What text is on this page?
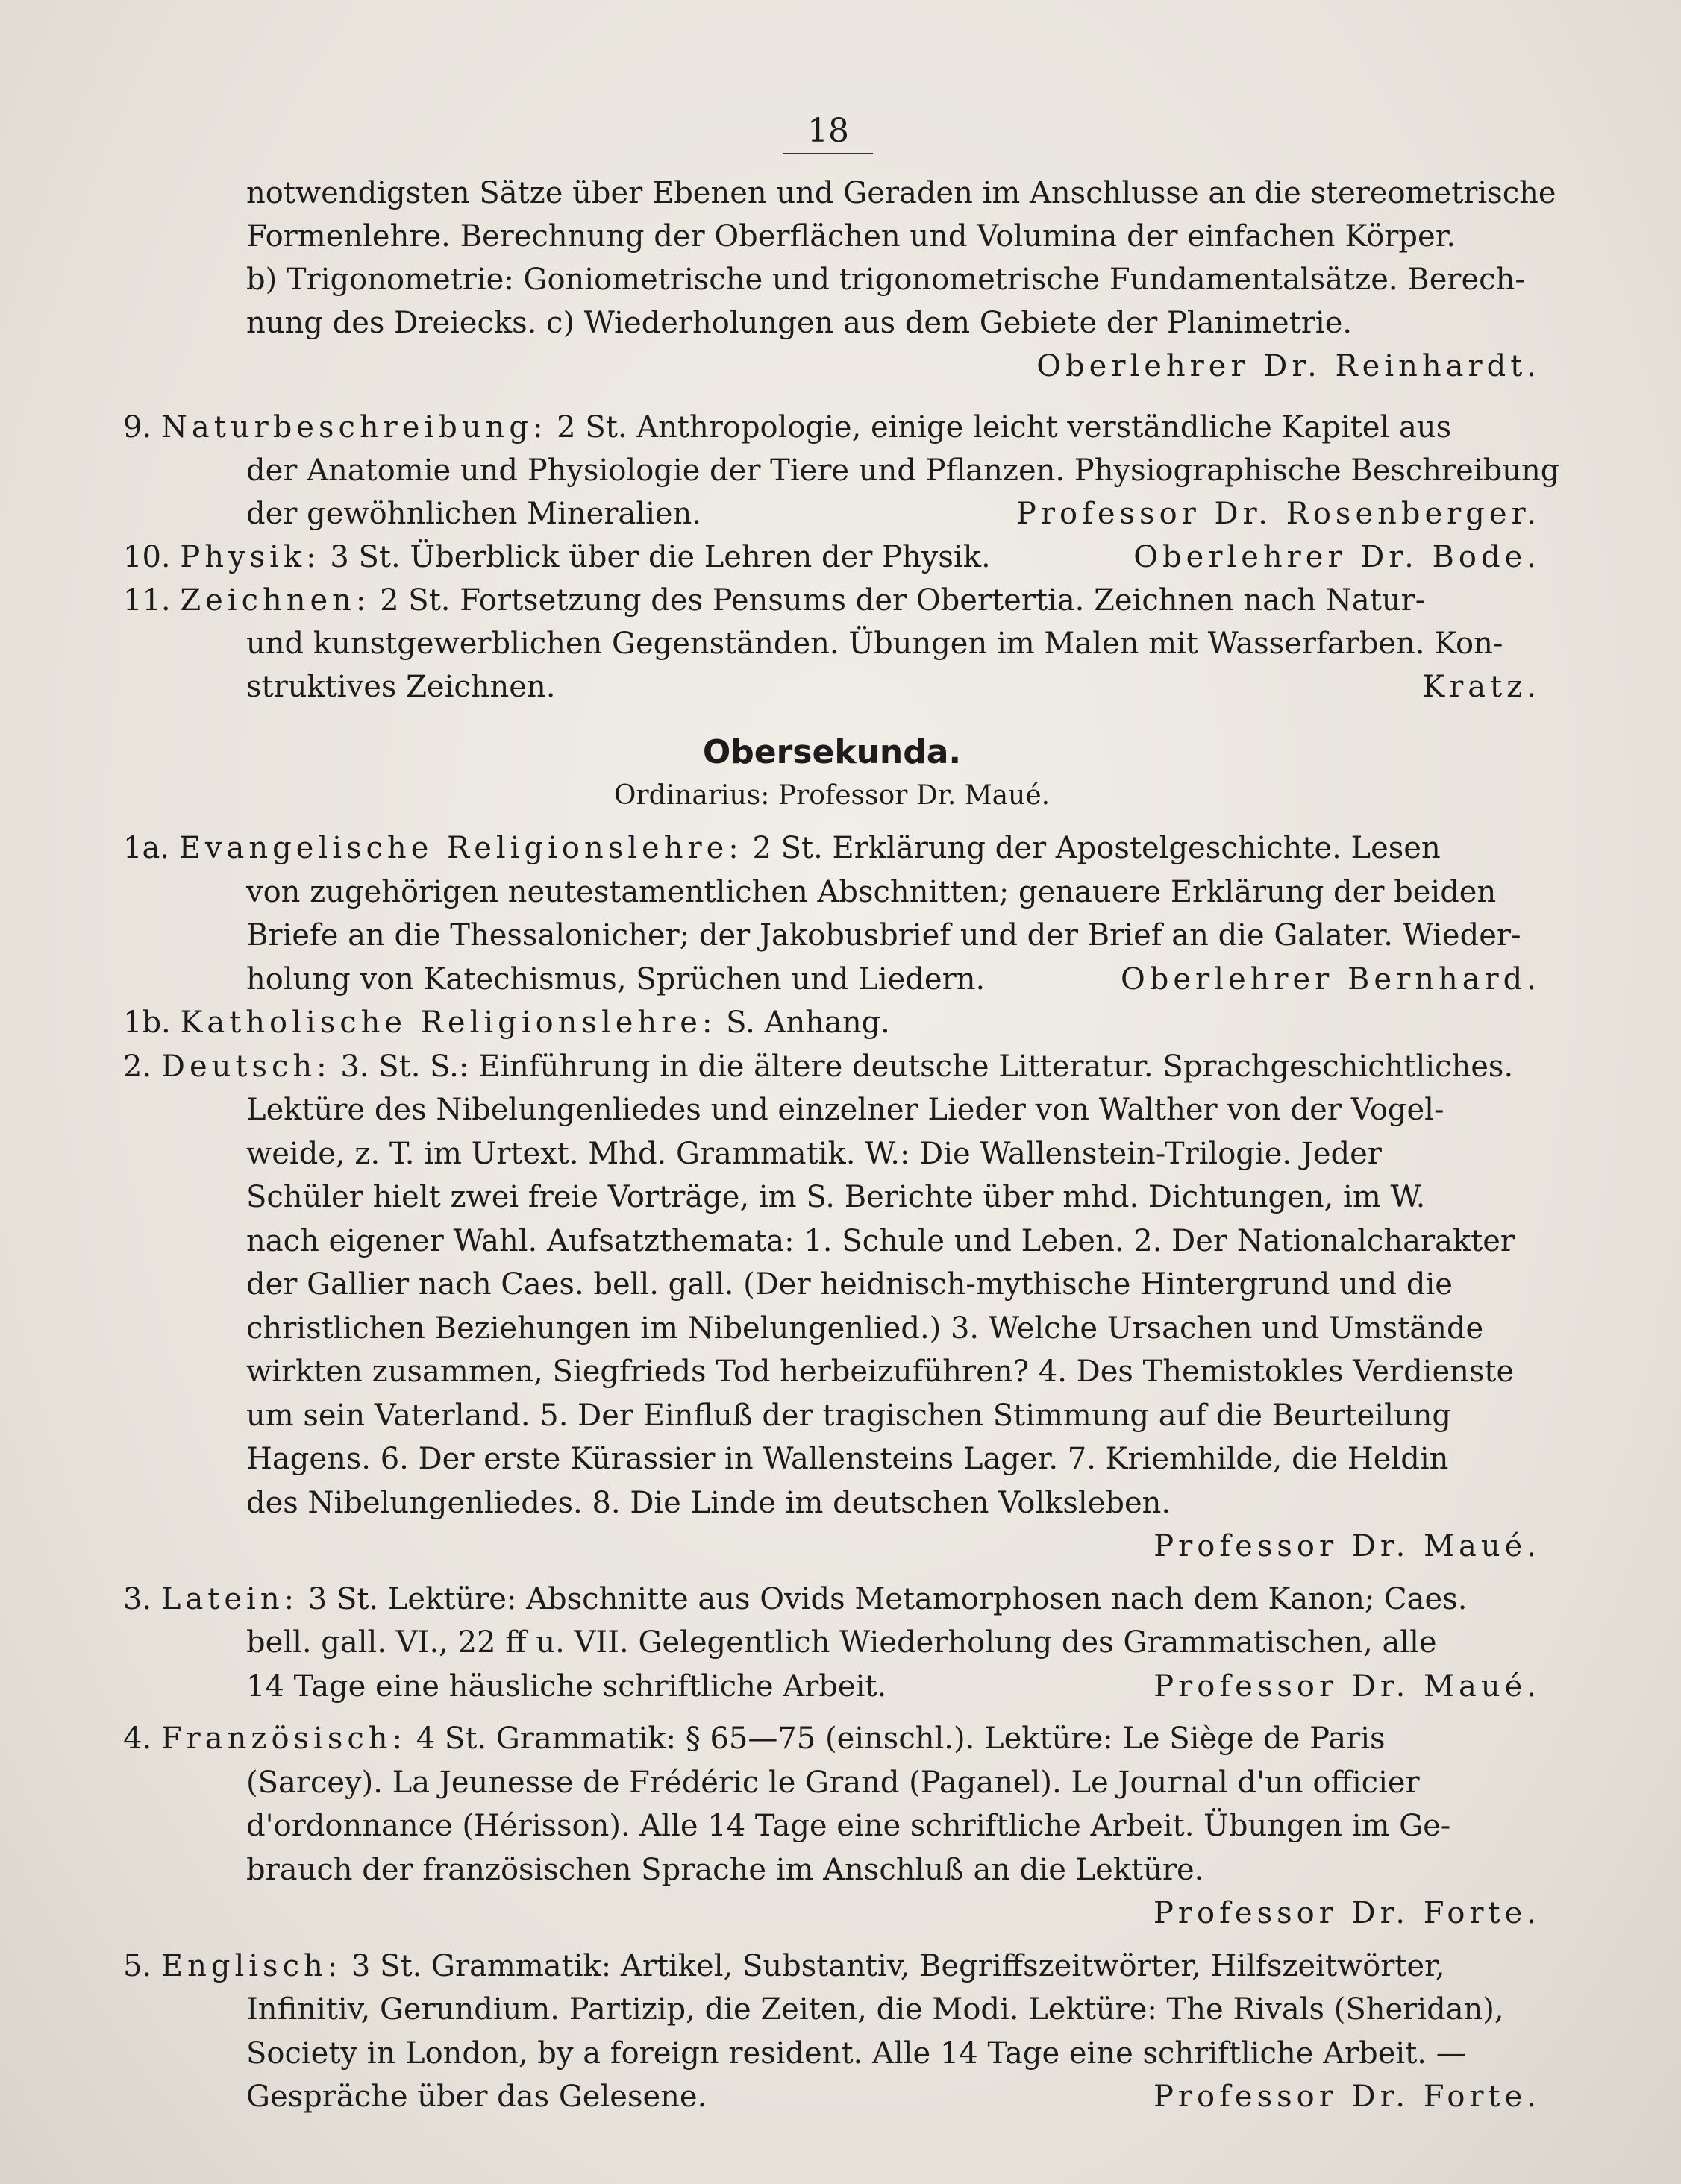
18
notwendigsten Sätze über Ebenen und Geraden im Anschlusse an die stereometrische
Formenlehre. Berechnung der Oberflächen und Volumina der einfachen Körper.
b) Trigonometrie: Goniometrische und trigonometrische Fundamentalsätze. Berech-
nung des Dreiecks. c) Wiederholungen aus dem Gebiete der Planimetrie.
Oberlehrer Dr. Reinhardt.
9. Naturbeschreibung: 2 St. Anthropologie, einige leicht verständliche Kapitel aus
der Anatomie und Physiologie der Tiere und Pflanzen. Physiographische Beschreibung
der gewöhnlichen Mineralien.	Professor Dr. Rosenberger.
10. Physik: 3 St. Überblick über die Lehren der Physik.	Oberlehrer Dr. Bode.
11. Zeichnen: 2 St. Fortsetzung des Pensums der Obertertia. Zeichnen nach Natur-
und kunstgewerblichen Gegenständen. Übungen im Malen mit Wasserfarben. Kon-
struktives Zeichnen.	Kratz.
Obersekunda.
Ordinarius: Professor Dr. Maué.
1a. Evangelische Religionslehre: 2 St. Erklärung der Apostelgeschichte. Lesen
von zugehörigen neutestamentlichen Abschnitten; genauere Erklärung der beiden
Briefe an die Thessalonicher; der Jakobusbrief und der Brief an die Galater. Wieder-
holung von Katechismus, Sprüchen und Liedern.	Oberlehrer Bernhard.
1b. Katholische Religionslehre: S. Anhang.
2. Deutsch: 3. St. S.: Einführung in die ältere deutsche Litteratur. Sprachgeschichtliches.
Lektüre des Nibelungenliedes und einzelner Lieder von Walther von der Vogel-
weide, z. T. im Urtext. Mhd. Grammatik. W.: Die Wallenstein-Trilogie. Jeder
Schüler hielt zwei freie Vorträge, im S. Berichte über mhd. Dichtungen, im W.
nach eigener Wahl. Aufsatzthemata: 1. Schule und Leben. 2. Der Nationalcharakter
der Gallier nach Caes. bell. gall. (Der heidnisch-mythische Hintergrund und die
christlichen Beziehungen im Nibelungenlied.) 3. Welche Ursachen und Umstände
wirkten zusammen, Siegfrieds Tod herbeizuführen? 4. Des Themistokles Verdienste
um sein Vaterland. 5. Der Einfluß der tragischen Stimmung auf die Beurteilung
Hagens. 6. Der erste Kürassier in Wallensteins Lager. 7. Kriemhilde, die Heldin
des Nibelungenliedes. 8. Die Linde im deutschen Volksleben.
Professor Dr. Maué.
3. Latein: 3 St. Lektüre: Abschnitte aus Ovids Metamorphosen nach dem Kanon; Caes.
bell. gall. VI., 22 ff u. VII. Gelegentlich Wiederholung des Grammatischen, alle
14 Tage eine häusliche schriftliche Arbeit.	Professor Dr. Maué.
4. Französisch: 4 St. Grammatik: § 65—75 (einschl.). Lektüre: Le Siège de Paris
(Sarcey). La Jeunesse de Frédéric le Grand (Paganel). Le Journal d'un officier
d'ordonnance (Hérisson). Alle 14 Tage eine schriftliche Arbeit. Übungen im Ge-
brauch der französischen Sprache im Anschluß an die Lektüre.
Professor Dr. Forte.
5. Englisch: 3 St. Grammatik: Artikel, Substantiv, Begriffszeitwörter, Hilfszeitwörter,
Infinitiv, Gerundium. Partizip, die Zeiten, die Modi. Lektüre: The Rivals (Sheridan),
Society in London, by a foreign resident. Alle 14 Tage eine schriftliche Arbeit. —
Gespräche über das Gelesene.	Professor Dr. Forte.
